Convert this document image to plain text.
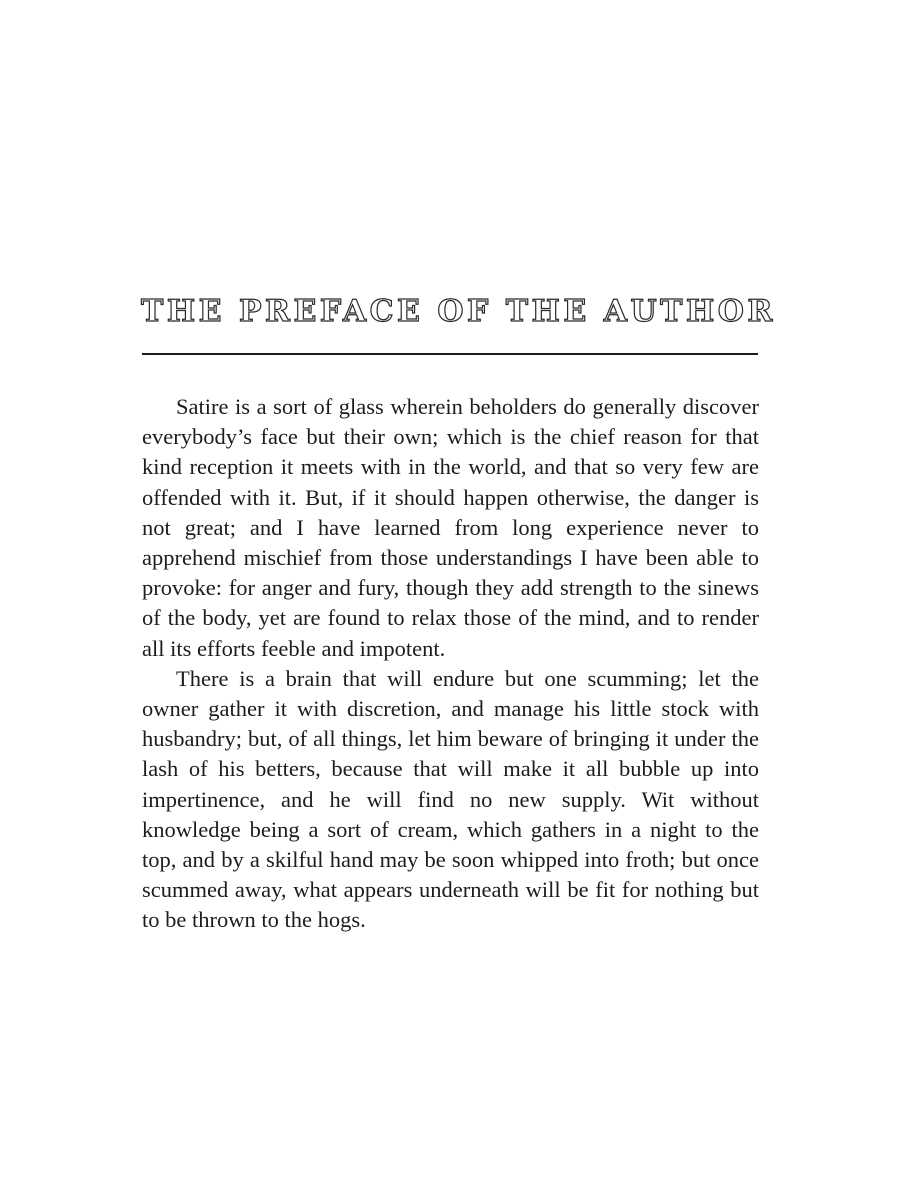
THE PREFACE OF THE AUTHOR

Satire is a sort of glass wherein beholders do generally discover everybody’s face but their own; which is the chief reason for that kind reception it meets with in the world, and that so very few are offended with it. But, if it should happen otherwise, the danger is not great; and I have learned from long experience never to apprehend mischief from those understandings I have been able to provoke: for anger and fury, though they add strength to the sinews of the body, yet are found to relax those of the mind, and to render all its efforts feeble and impotent.

There is a brain that will endure but one scumming; let the owner gather it with discretion, and manage his little stock with husbandry; but, of all things, let him beware of bringing it under the lash of his betters, because that will make it all bubble up into impertinence, and he will find no new supply. Wit without knowledge being a sort of cream, which gathers in a night to the top, and by a skilful hand may be soon whipped into froth; but once scummed away, what appears underneath will be fit for nothing but to be thrown to the hogs.
